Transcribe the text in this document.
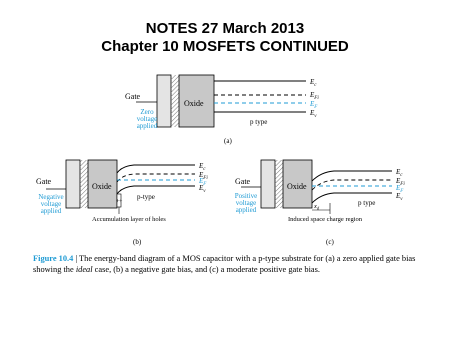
NOTES 27 March 2013
Chapter 10 MOSFETS CONTINUED
Gate
Oxide
Zero
voltage
applied
$E_c$
$E_{Fi}$
$E_F$
$E_v$
p type
(a)
+ +
Gate
Oxide
Negative
voltage
applied
$E_c$
$E_{Fi}$
$E_F$
$E_v$
p-type
Accumulation layer of holes
(b)
Gate
Oxide
Positive
voltage
applied
$E_c$
$E_{Fi}$
$E_F$
$E_v$
p type
$x_d$
Induced space charge region
(c)
Figure 10.4 | The energy-band diagram of a MOS capacitor with a p-type substrate for (a) a zero applied gate bias
showing the ideal case, (b) a negative gate bias, and (c) a moderate positive gate bias.
